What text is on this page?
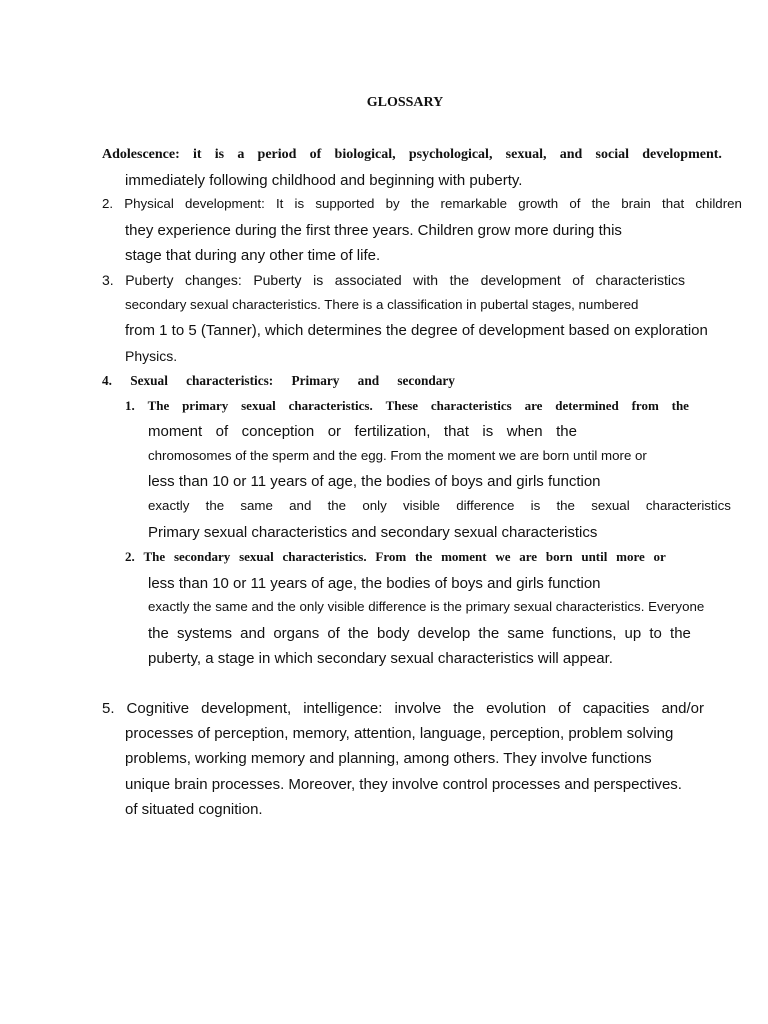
GLOSSARY
Adolescence: it is a period of biological, psychological, sexual, and social development.
immediately following childhood and beginning with puberty.
2. Physical development: It is supported by the remarkable growth of the brain that children
they experience during the first three years. Children grow more during this
stage that during any other time of life.
3. Puberty changes: Puberty is associated with the development of characteristics
secondary sexual characteristics. There is a classification in pubertal stages, numbered
from 1 to 5 (Tanner), which determines the degree of development based on exploration
Physics.
4. Sexual characteristics: Primary and secondary
1. The primary sexual characteristics. These characteristics are determined from the
moment of conception or fertilization, that is when the
chromosomes of the sperm and the egg. From the moment we are born until more or
less than 10 or 11 years of age, the bodies of boys and girls function
exactly the same and the only visible difference is the sexual characteristics
Primary sexual characteristics and secondary sexual characteristics
2. The secondary sexual characteristics. From the moment we are born until more or
less than 10 or 11 years of age, the bodies of boys and girls function
exactly the same and the only visible difference is the primary sexual characteristics. Everyone
the systems and organs of the body develop the same functions, up to the
puberty, a stage in which secondary sexual characteristics will appear.
5. Cognitive development, intelligence: involve the evolution of capacities and/or
processes of perception, memory, attention, language, perception, problem solving
problems, working memory and planning, among others. They involve functions
unique brain processes. Moreover, they involve control processes and perspectives.
of situated cognition.
